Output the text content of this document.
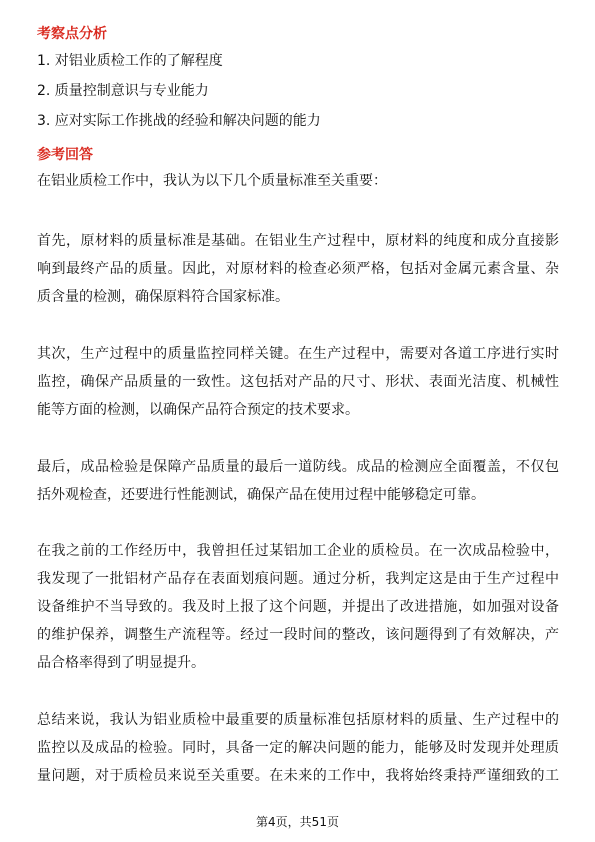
考察点分析
1. 对铝业质检工作的了解程度
2. 质量控制意识与专业能力
3. 应对实际工作挑战的经验和解决问题的能力
参考回答
在铝业质检工作中，我认为以下几个质量标准至关重要：
首先，原材料的质量标准是基础。在铝业生产过程中，原材料的纯度和成分直接影
响到最终产品的质量。因此，对原材料的检查必须严格，包括对金属元素含量、杂
质含量的检测，确保原料符合国家标准。
其次，生产过程中的质量监控同样关键。在生产过程中，需要对各道工序进行实时
监控，确保产品质量的一致性。这包括对产品的尺寸、形状、表面光洁度、机械性
能等方面的检测，以确保产品符合预定的技术要求。
最后，成品检验是保障产品质量的最后一道防线。成品的检测应全面覆盖，不仅包
括外观检查，还要进行性能测试，确保产品在使用过程中能够稳定可靠。
在我之前的工作经历中，我曾担任过某铝加工企业的质检员。在一次成品检验中，
我发现了一批铝材产品存在表面划痕问题。通过分析，我判定这是由于生产过程中
设备维护不当导致的。我及时上报了这个问题，并提出了改进措施，如加强对设备
的维护保养，调整生产流程等。经过一段时间的整改，该问题得到了有效解决，产
品合格率得到了明显提升。
总结来说，我认为铝业质检中最重要的质量标准包括原材料的质量、生产过程中的
监控以及成品的检验。同时，具备一定的解决问题的能力，能够及时发现并处理质
量问题，对于质检员来说至关重要。在未来的工作中，我将始终秉持严谨细致的工
第4页，共51页
